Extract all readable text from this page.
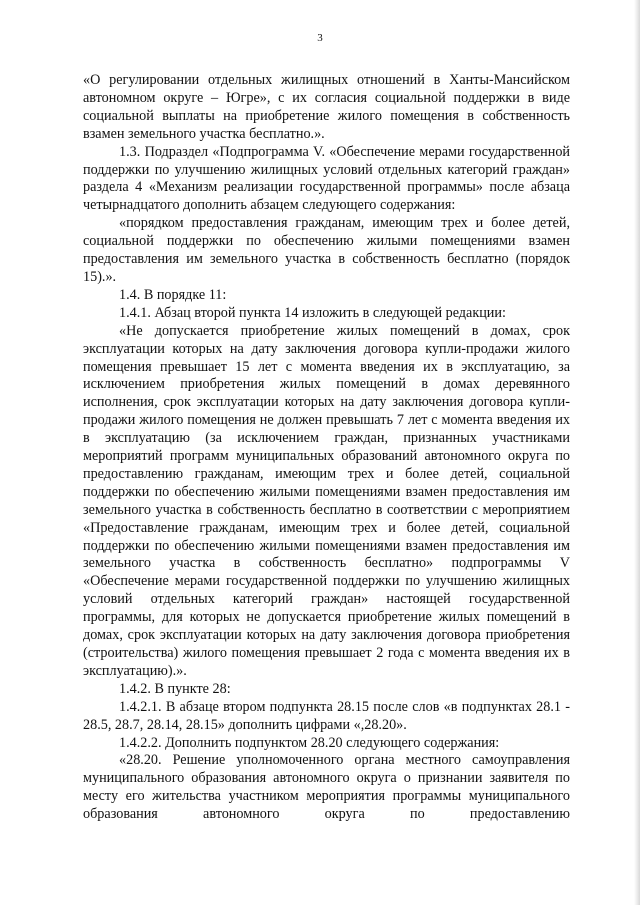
3

«О регулировании отдельных жилищных отношений в Ханты-Мансийском автономном округе – Югре», с их согласия социальной поддержки в виде социальной выплаты на приобретение жилого помещения в собственность взамен земельного участка бесплатно.».

1.3. Подраздел «Подпрограмма V. «Обеспечение мерами государственной поддержки по улучшению жилищных условий отдельных категорий граждан» раздела 4 «Механизм реализации государственной программы» после абзаца четырнадцатого дополнить абзацем следующего содержания:

«порядком предоставления гражданам, имеющим трех и более детей, социальной поддержки по обеспечению жилыми помещениями взамен предоставления им земельного участка в собственность бесплатно (порядок 15).».

1.4. В порядке 11:

1.4.1. Абзац второй пункта 14 изложить в следующей редакции:

«Не допускается приобретение жилых помещений в домах, срок эксплуатации которых на дату заключения договора купли-продажи жилого помещения превышает 15 лет с момента введения их в эксплуатацию, за исключением приобретения жилых помещений в домах деревянного исполнения, срок эксплуатации которых на дату заключения договора купли-продажи жилого помещения не должен превышать 7 лет с момента введения их в эксплуатацию (за исключением граждан, признанных участниками мероприятий программ муниципальных образований автономного округа по предоставлению гражданам, имеющим трех и более детей, социальной поддержки по обеспечению жилыми помещениями взамен предоставления им земельного участка в собственность бесплатно в соответствии с мероприятием «Предоставление гражданам, имеющим трех и более детей, социальной поддержки по обеспечению жилыми помещениями взамен предоставления им земельного участка в собственность бесплатно» подпрограммы V «Обеспечение мерами государственной поддержки по улучшению жилищных условий отдельных категорий граждан» настоящей государственной программы, для которых не допускается приобретение жилых помещений в домах, срок эксплуатации которых на дату заключения договора приобретения (строительства) жилого помещения превышает 2 года с момента введения их в эксплуатацию).».

1.4.2. В пункте 28:

1.4.2.1. В абзаце втором подпункта 28.15 после слов «в подпунктах 28.1 - 28.5, 28.7, 28.14, 28.15» дополнить цифрами «,28.20».

1.4.2.2. Дополнить подпунктом 28.20 следующего содержания:

«28.20. Решение уполномоченного органа местного самоуправления муниципального образования автономного округа о признании заявителя по месту его жительства участником мероприятия программы муниципального образования автономного округа по предоставлению
